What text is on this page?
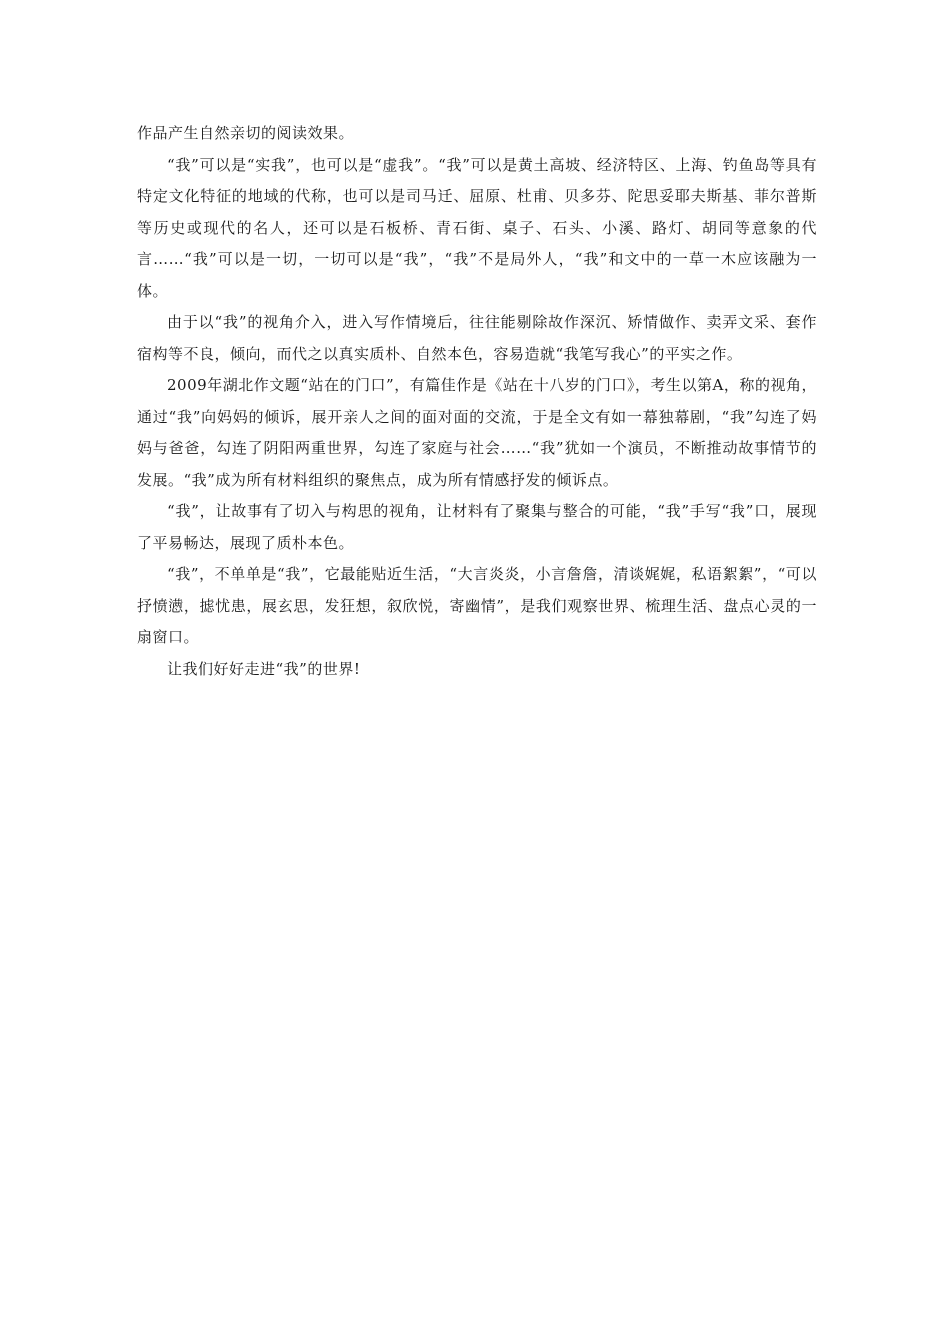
作品产生自然亲切的阅读效果。

“我”可以是“实我”，也可以是“虚我”。“我”可以是黄土高坡、经济特区、上海、钓鱼岛等具有特定文化特征的地域的代称，也可以是司马迁、屈原、杜甫、贝多芬、陀思妥耶夫斯基、菲尔普斯等历史或现代的名人，还可以是石板桥、青石街、桌子、石头、小溪、路灯、胡同等意象的代言……“我”可以是一切，一切可以是“我”，“我”不是局外人，“我”和文中的一草一木应该融为一体。

由于以“我”的视角介入，进入写作情境后，往往能剔除故作深沉、矫情做作、卖弄文采、套作宿构等不良，倾向，而代之以真实质朴、自然本色，容易造就“我笔写我心”的平实之作。

2009年湖北作文题“站在的门口”，有篇佳作是《站在十八岁的门口》，考生以第A，称的视角，通过“我”向妈妈的倾诉，展开亲人之间的面对面的交流，于是全文有如一幕独幕剧，“我”勾连了妈妈与爸爸，勾连了阴阳两重世界，勾连了家庭与社会……“我”犹如一个演员，不断推动故事情节的发展。“我”成为所有材料组织的聚焦点，成为所有情感抒发的倾诉点。

“我”，让故事有了切入与构思的视角，让材料有了聚集与整合的可能，“我”手写“我”口，展现了平易畅达，展现了质朴本色。

“我”，不单单是“我”，它最能贴近生活，“大言炎炎，小言詹詹，清谈娓娓，私语絮絮”，“可以抒愤懑，摅忧患，展玄思，发狂想，叙欣悦，寄幽情”，是我们观察世界、梳理生活、盘点心灵的一扇窗口。

让我们好好走进“我”的世界!
